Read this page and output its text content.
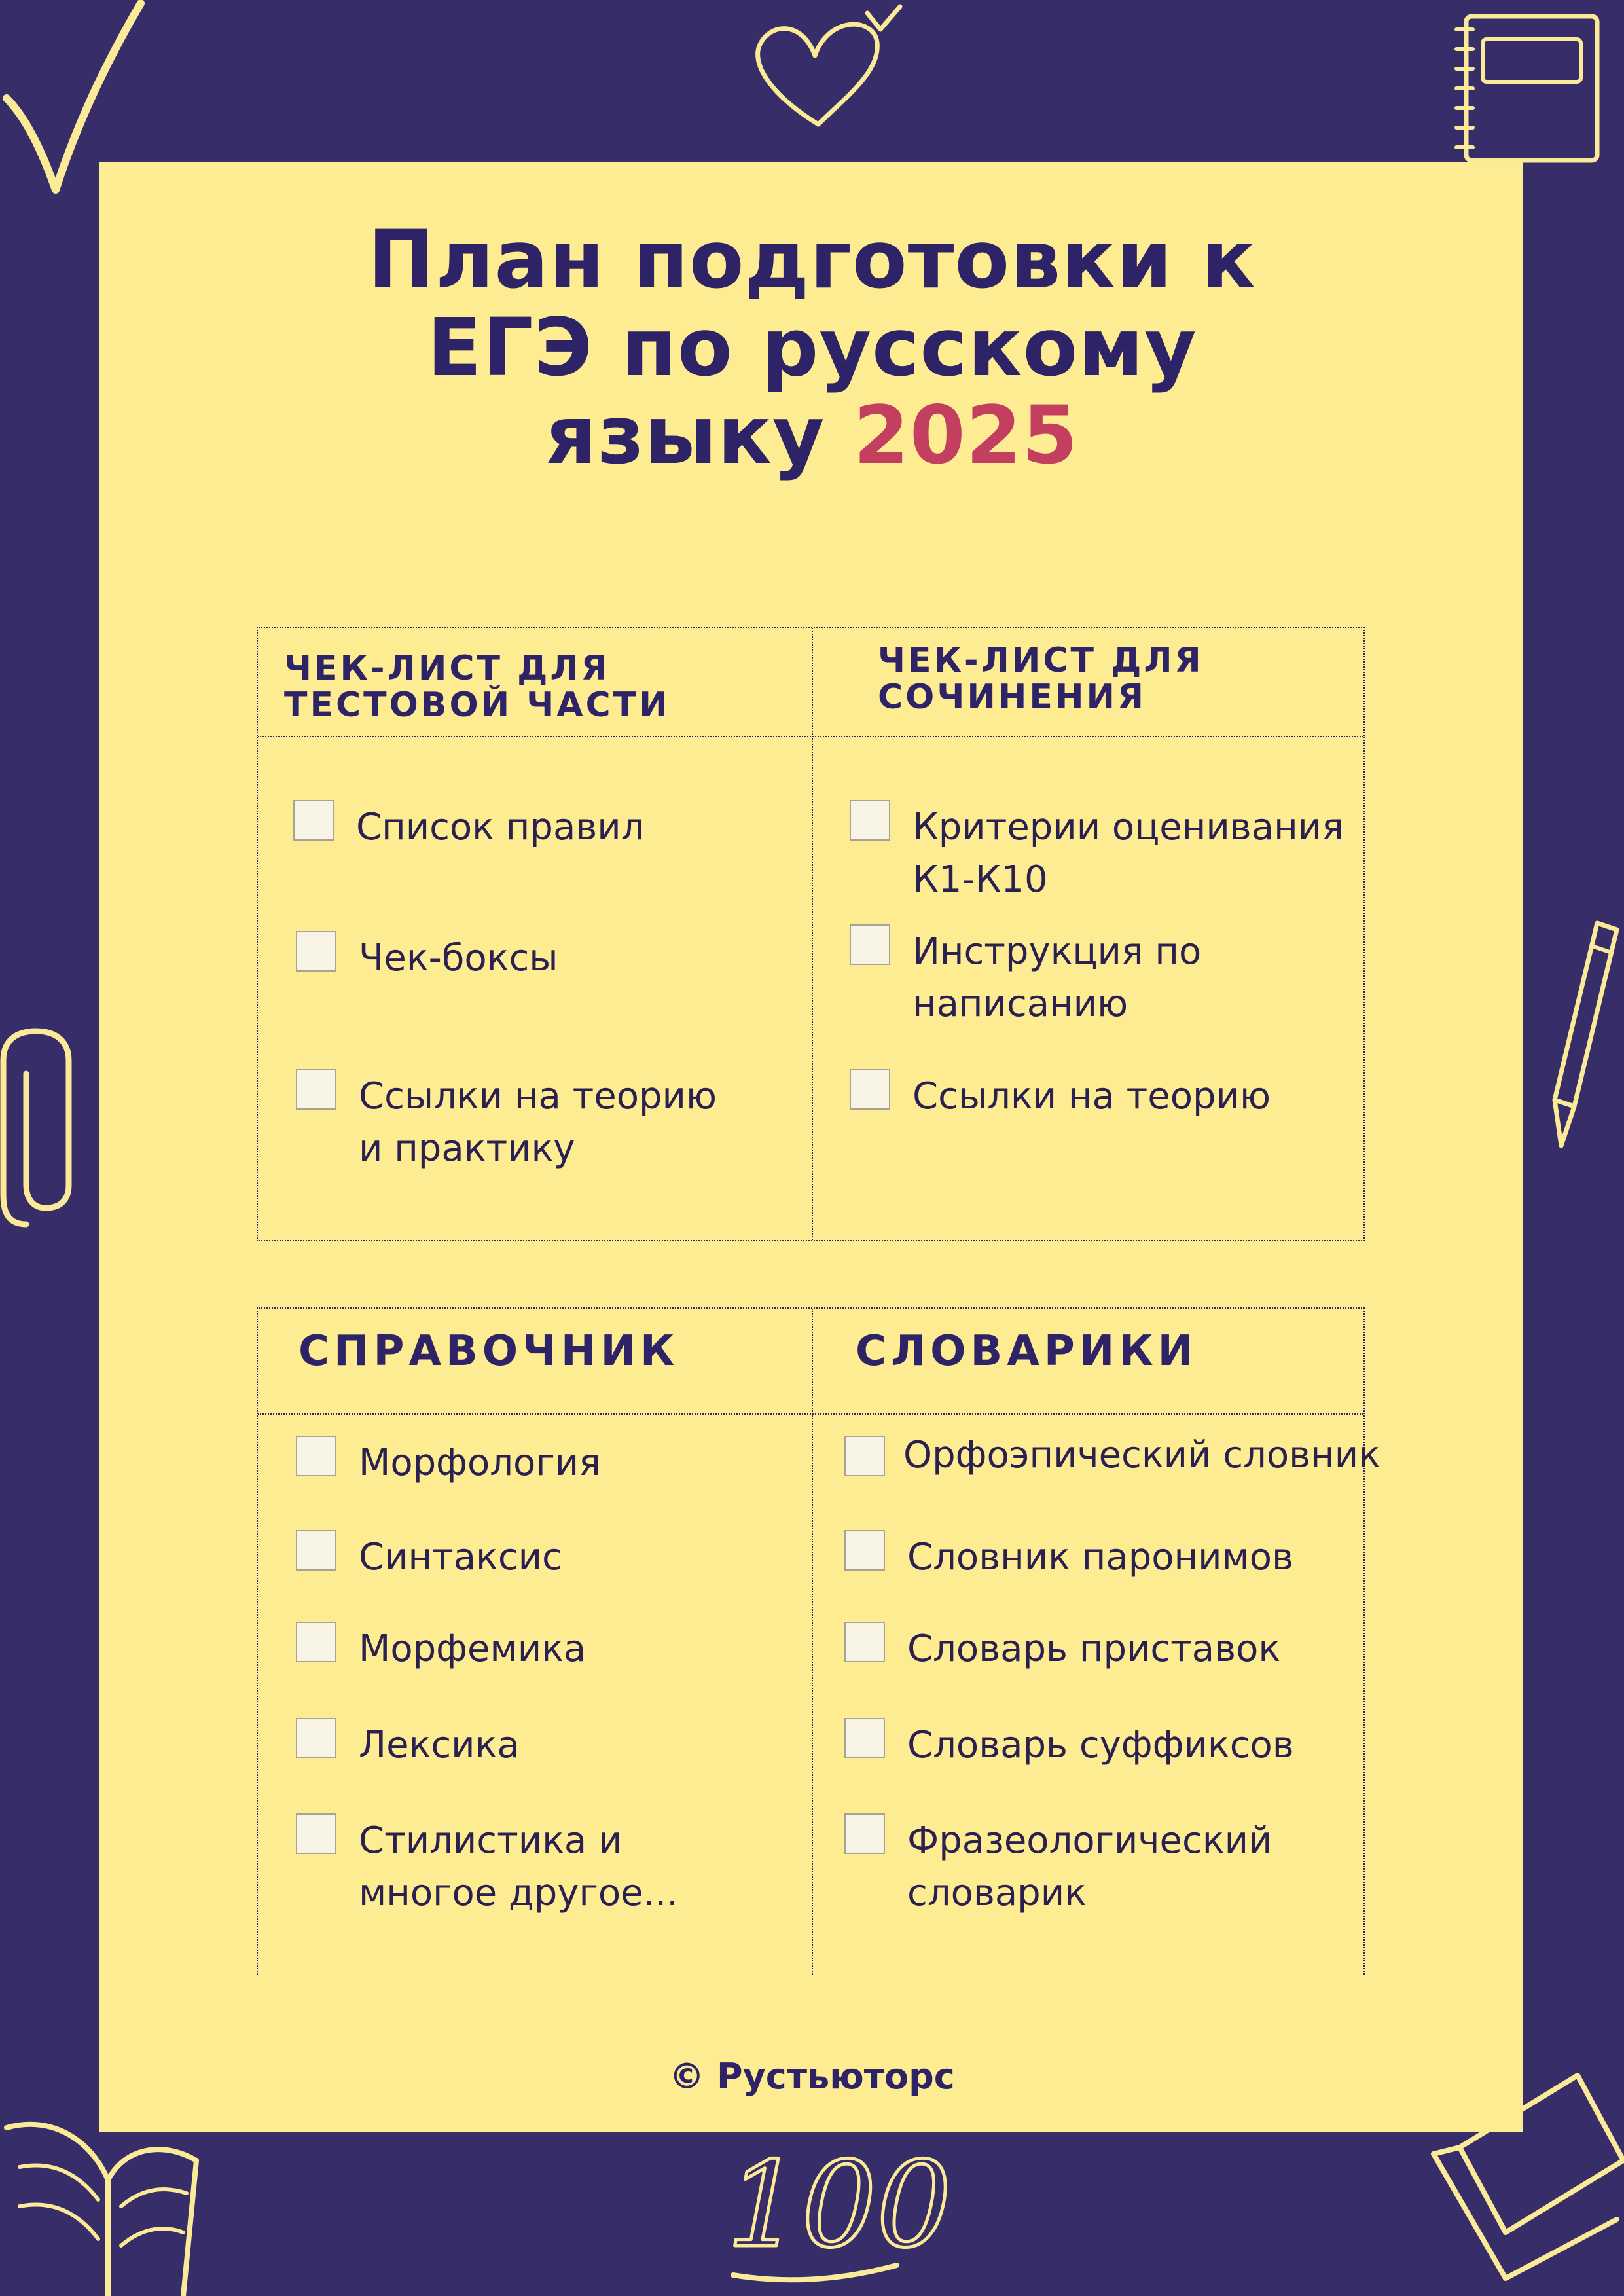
100
План подготовки к
ЕГЭ по русскому
языку 2025
ЧЕК-ЛИСТ ДЛЯ ТЕСТОВОЙ ЧАСТИ
ЧЕК-ЛИСТ ДЛЯ СОЧИНЕНИЯ
Список правил
Чек-боксы
Ссылки на теорию и практику
Критерии оценивания К1-К10
Инструкция по написанию
Ссылки на теорию
СПРАВОЧНИК	СЛОВАРИКИ
Морфология
Синтаксис
Морфемика
Лексика
Стилистика и многое другое...
Орфоэпический словник
Словник паронимов
Словарь приставок
Словарь суффиксов
Фразеологический словарик
© Рустьюторс
